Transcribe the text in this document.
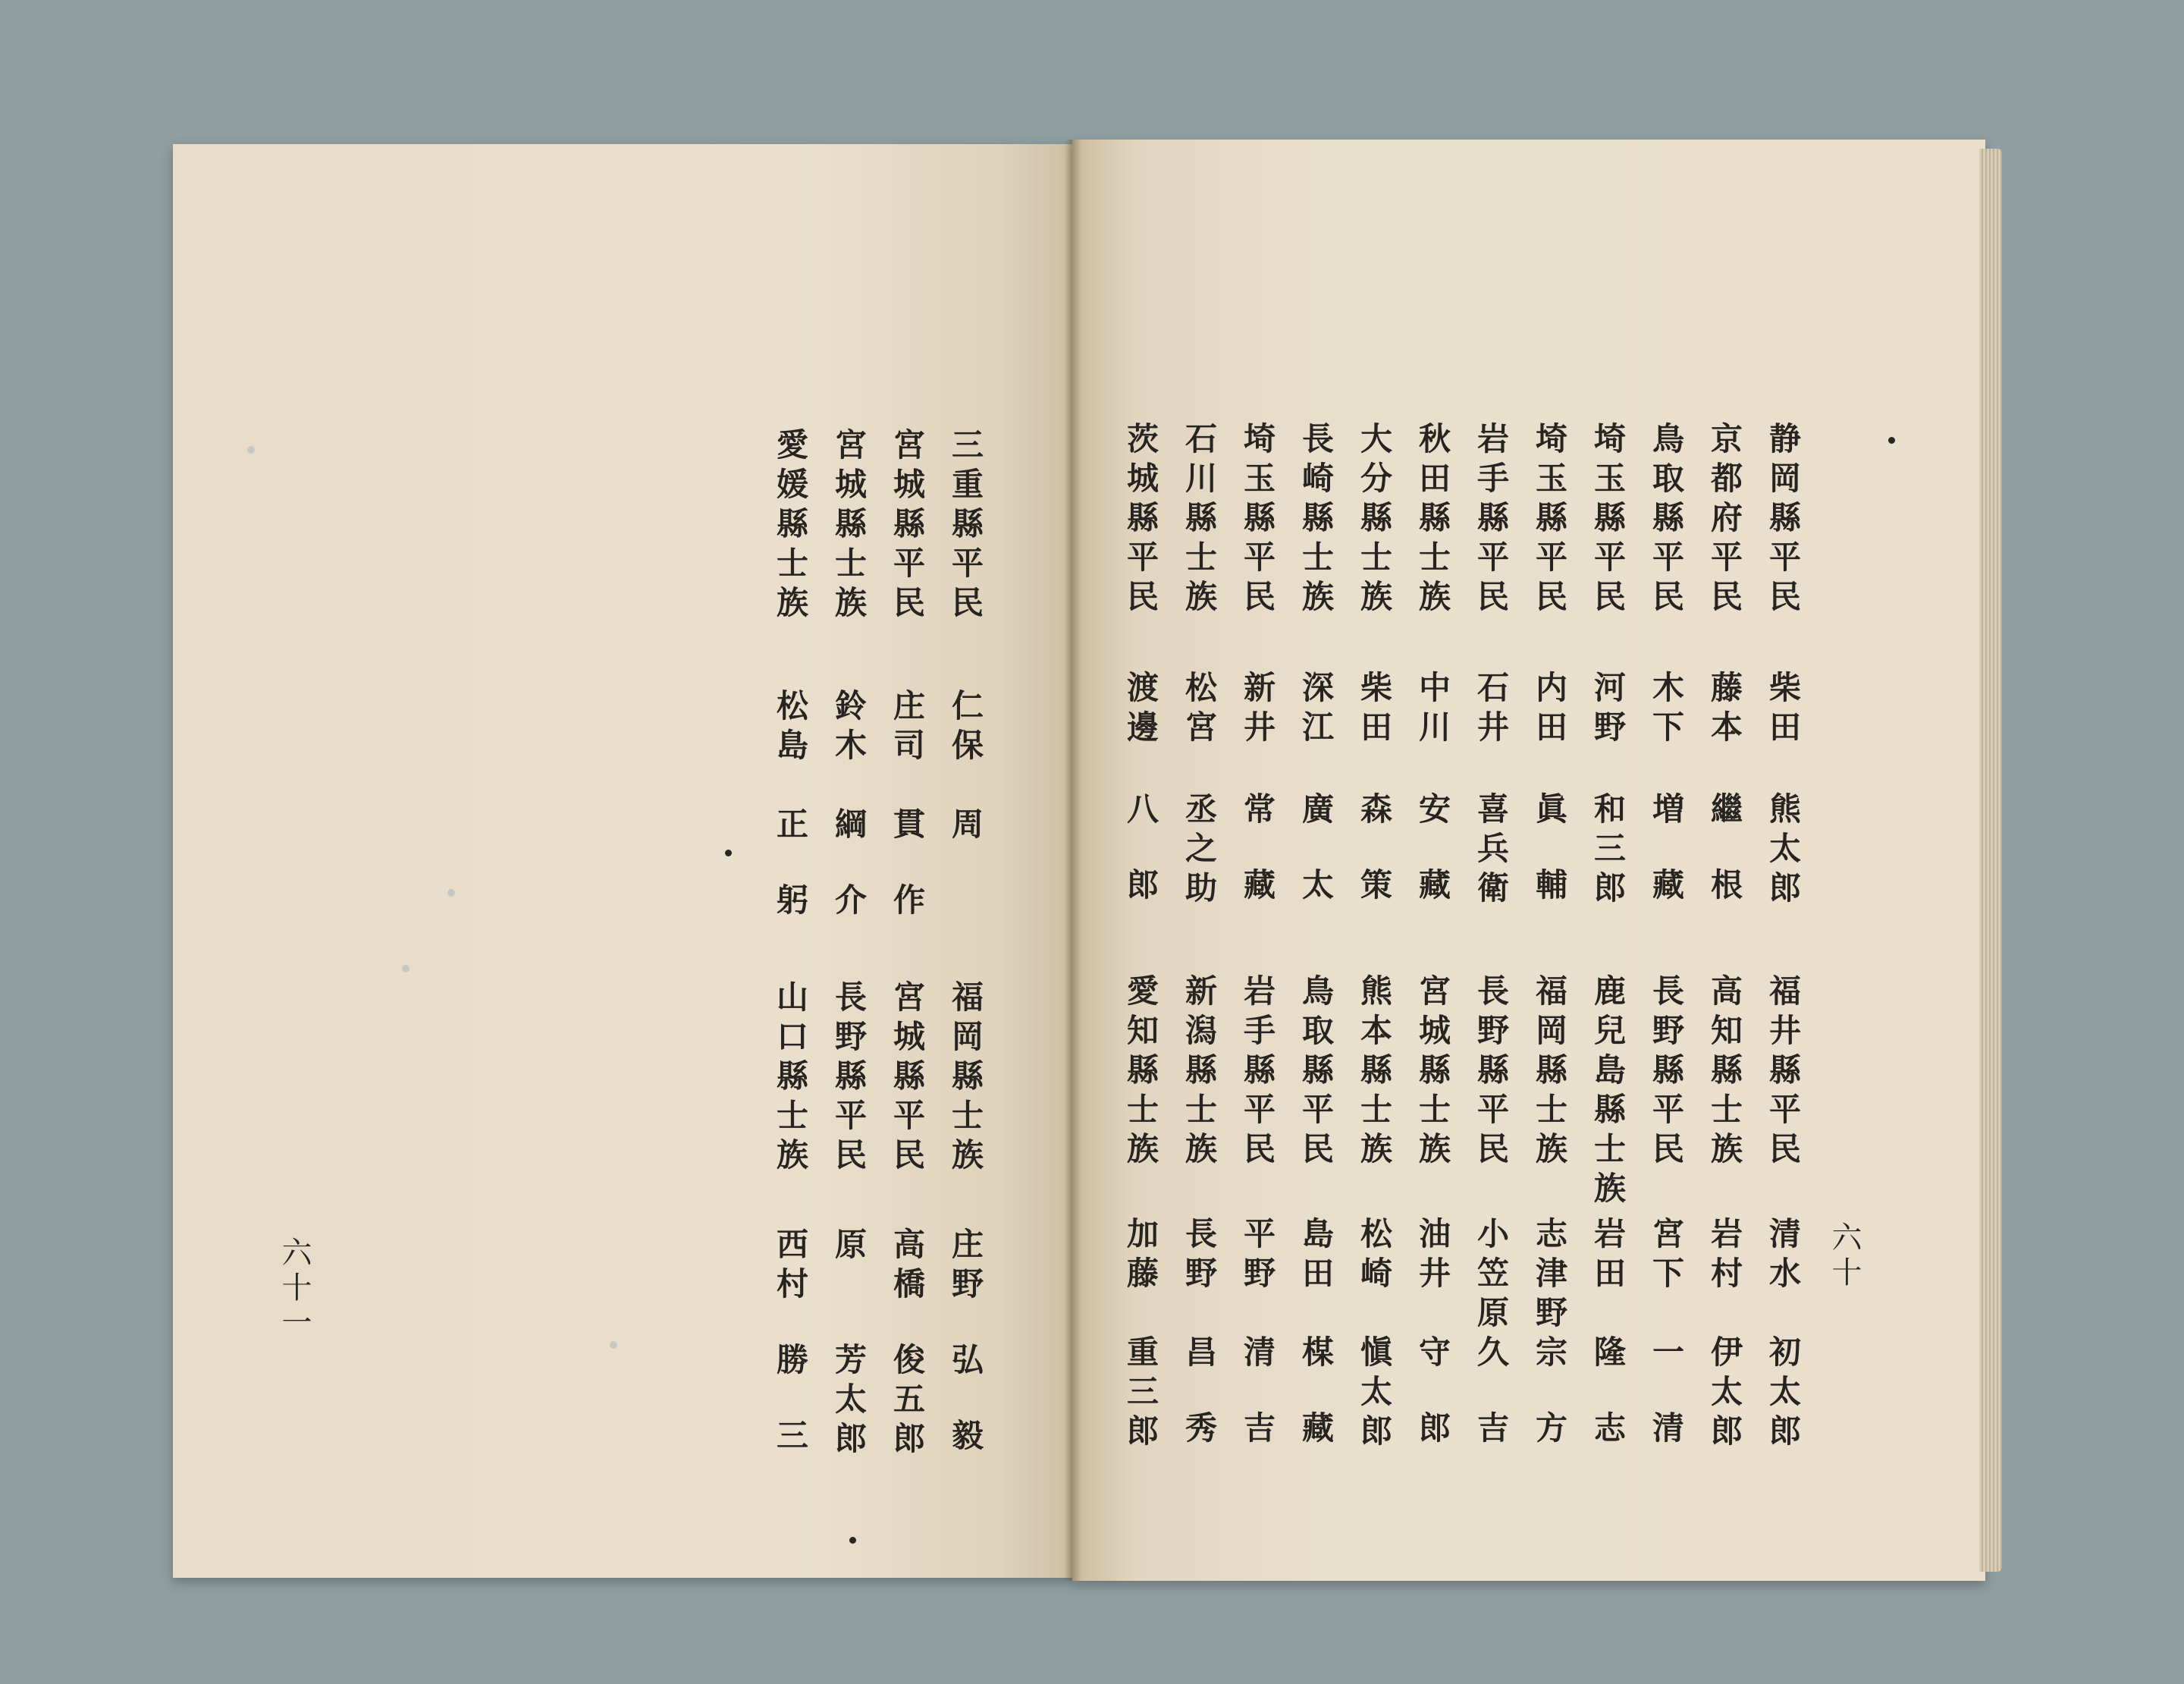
静岡縣平民
柴田
熊太郎
京都府平民
藤本
繼根
鳥取縣平民
木下
増藏
埼玉縣平民
河野
和三郎
埼玉縣平民
内田
眞輔
岩手縣平民
石井
喜兵衛
秋田縣士族
中川
安藏
大分縣士族
柴田
森策
長崎縣士族
深江
廣太
埼玉縣平民
新井
常藏
石川縣士族
松宮
丞之助
茨城縣平民
渡邊
八郎
福井縣平民
清水
初太郎
高知縣士族
岩村
伊太郎
長野縣平民
宮下
一清
鹿兒島縣士族
岩田
隆志
福岡縣士族
志津野
宗方
長野縣平民
小笠原
久吉
宮城縣士族
油井
守郎
熊本縣士族
松崎
愼太郎
鳥取縣平民
島田
楳藏
岩手縣平民
平野
清吉
新潟縣士族
長野
昌秀
愛知縣士族
加藤
重三郎
三重縣平民
仁保
周
宮城縣平民
庄司
貫作
宮城縣士族
鈴木
綱介
愛媛縣士族
松島
正躬
福岡縣士族
庄野
弘毅
宮城縣平民
高橋
俊五郎
長野縣平民
原
芳太郎
山口縣士族
西村
勝三
六十一	六十
